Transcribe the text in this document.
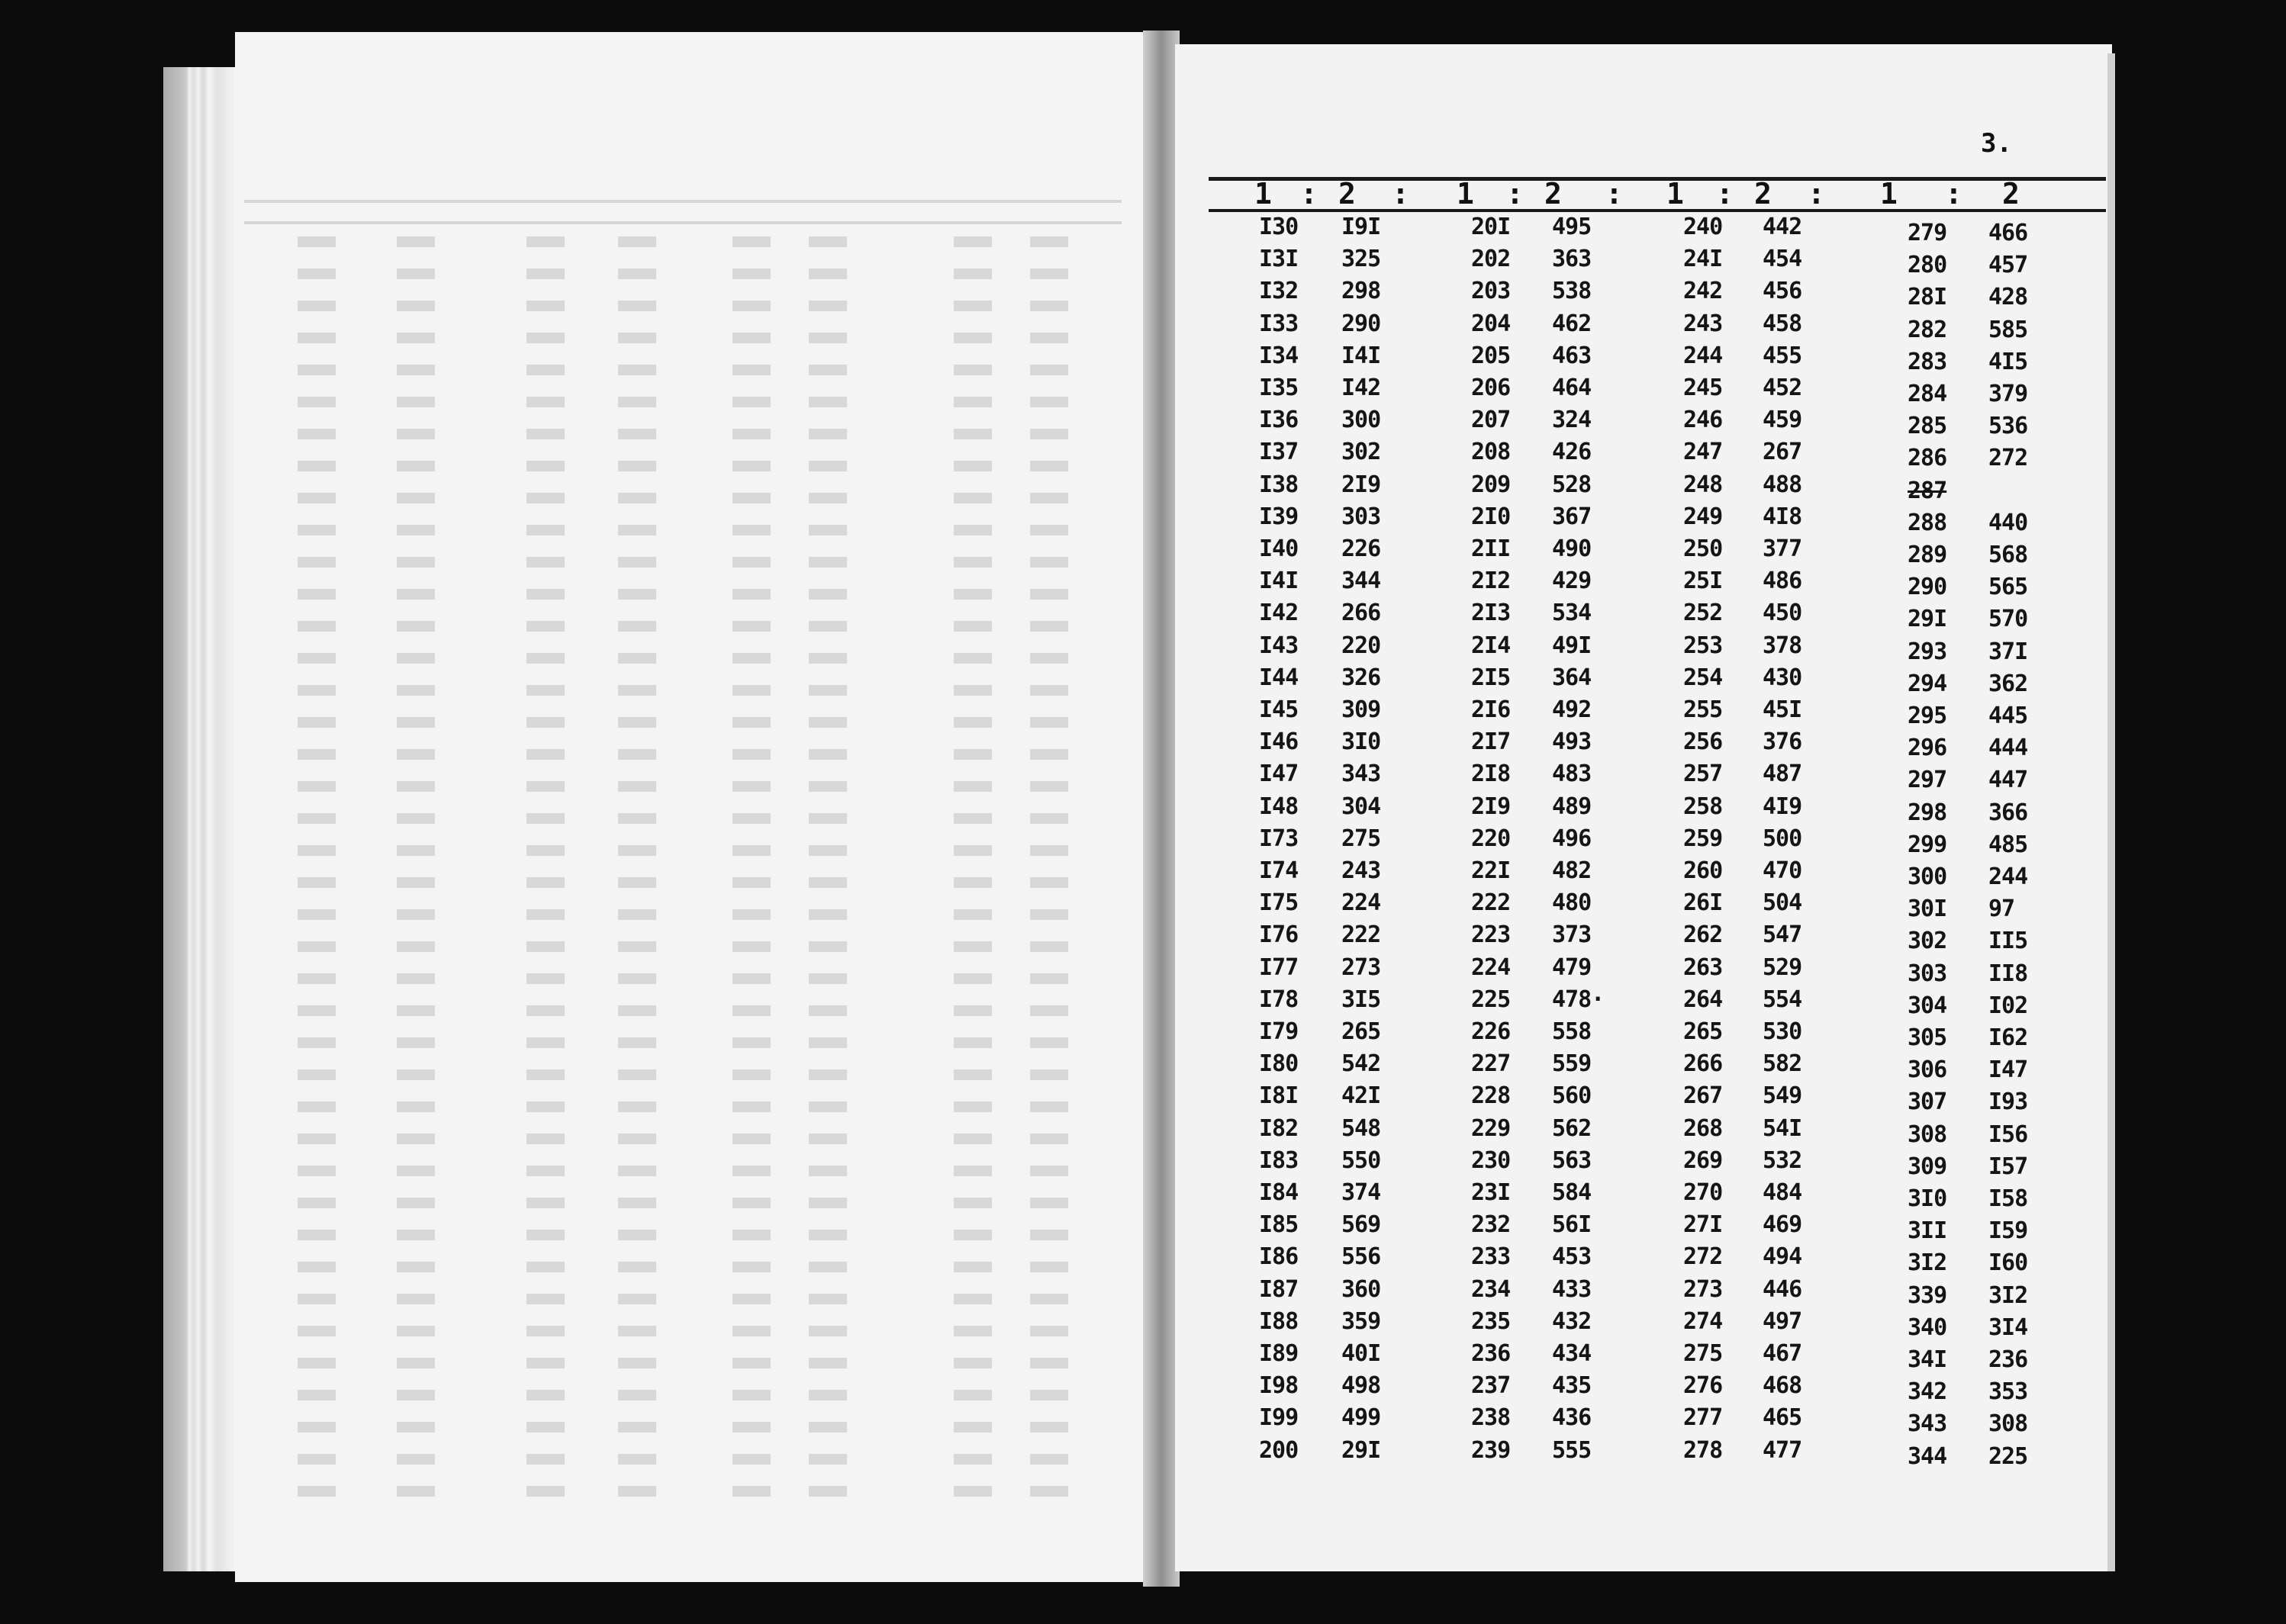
3.
1 : 2 : 1 : 2 : 1 : 2 : 1 : 2
I30
I3I
I32
I33
I34
I35
I36
I37
I38
I39
I40
I4I
I42
I43
I44
I45
I46
I47
I48
I73
I74
I75
I76
I77
I78
I79
I80
I8I
I82
I83
I84
I85
I86
I87
I88
I89
I98
I99
200
I9I
325
298
290
I4I
I42
300
302
2I9
303
226
344
266
220
326
309
3I0
343
304
275
243
224
222
273
3I5
265
542
42I
548
550
374
569
556
360
359
40I
498
499
29I
20I
202
203
204
205
206
207
208
209
2I0
2II
2I2
2I3
2I4
2I5
2I6
2I7
2I8
2I9
220
22I
222
223
224
225
226
227
228
229
230
23I
232
233
234
235
236
237
238
239
495
363
538
462
463
464
324
426
528
367
490
429
534
49I
364
492
493
483
489
496
482
480
373
479
478·
558
559
560
562
563
584
56I
453
433
432
434
435
436
555
240
24I
242
243
244
245
246
247
248
249
250
25I
252
253
254
255
256
257
258
259
260
26I
262
263
264
265
266
267
268
269
270
27I
272
273
274
275
276
277
278
442
454
456
458
455
452
459
267
488
4I8
377
486
450
378
430
45I
376
487
4I9
500
470
504
547
529
554
530
582
549
54I
532
484
469
494
446
497
467
468
465
477
279
280
28I
282
283
284
285
286
287
288
289
290
29I
293
294
295
296
297
298
299
300
30I
302
303
304
305
306
307
308
309
3I0
3II
3I2
339
340
34I
342
343
344
466
457
428
585
4I5
379
536
272
440
568
565
570
37I
362
445
444
447
366
485
244
97
II5
II8
I02
I62
I47
I93
I56
I57
I58
I59
I60
3I2
3I4
236
353
308
225
